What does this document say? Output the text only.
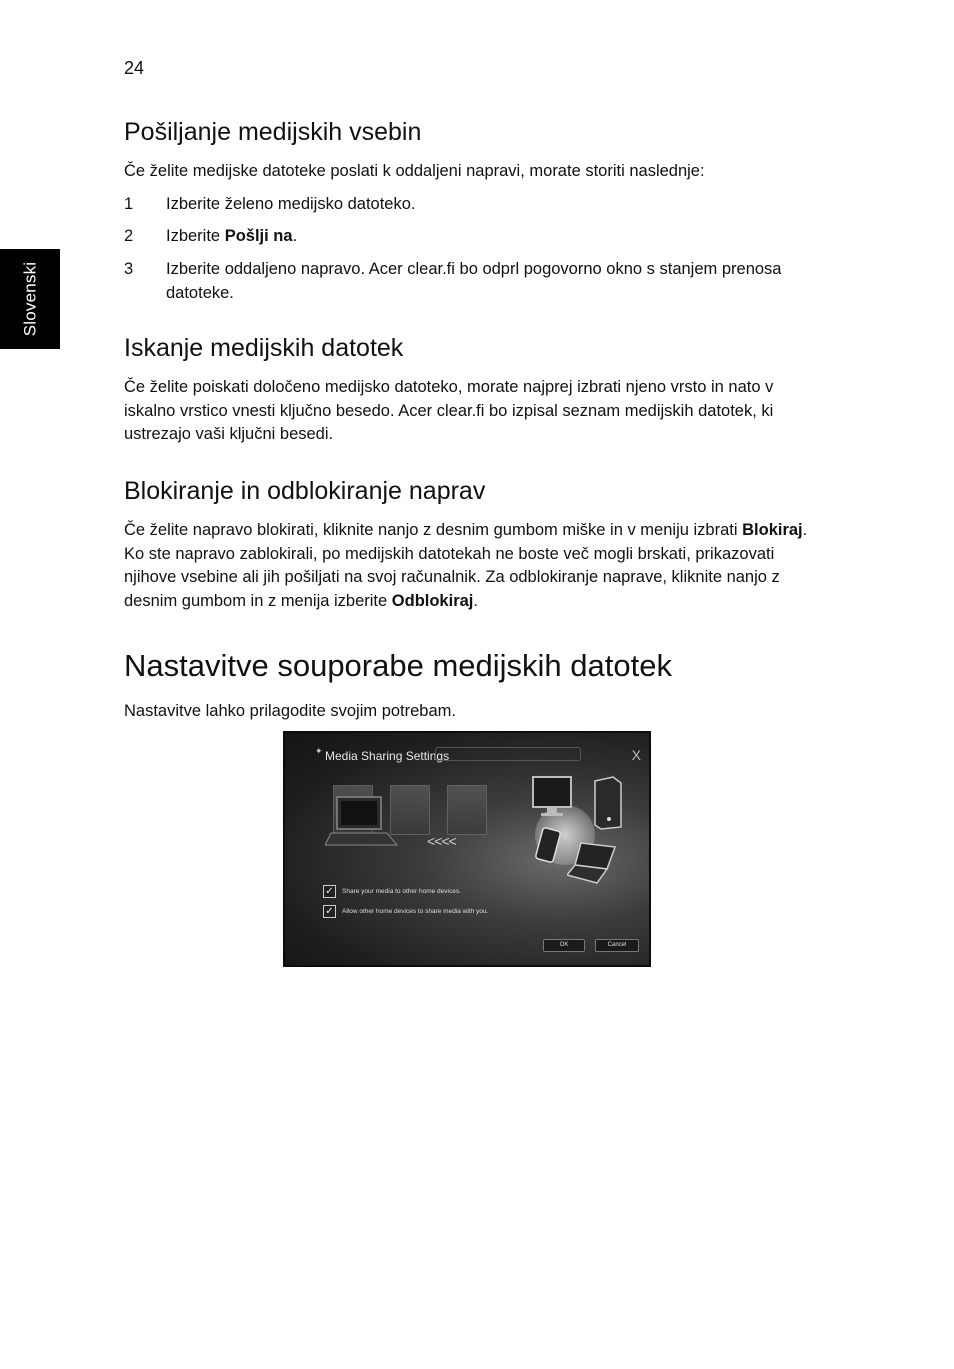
24
Slovenski
Pošiljanje medijskih vsebin

Če želite medijske datoteke poslati k oddaljeni napravi, morate storiti naslednje:

1 Izberite želeno medijsko datoteko.
2 Izberite Pošlji na.
3 Izberite oddaljeno napravo. Acer clear.fi bo odprl pogovorno okno s stanjem prenosa datoteke.
Iskanje medijskih datotek

Če želite poiskati določeno medijsko datoteko, morate najprej izbrati njeno vrsto in nato v iskalno vrstico vnesti ključno besedo. Acer clear.fi bo izpisal seznam medijskih datotek, ki ustrezajo vaši ključni besedi.

Blokiranje in odblokiranje naprav

Če želite napravo blokirati, kliknite nanjo z desnim gumbom miške in v meniju izbrati Blokiraj. Ko ste napravo zablokirali, po medijskih datotekah ne boste več mogli brskati, prikazovati njihove vsebine ali jih pošiljati na svoj računalnik. Za odblokiranje naprave, kliknite nanjo z desnim gumbom in z menija izberite Odblokiraj.

Nastavitve souporabe medijskih datotek

Nastavitve lahko prilagodite svojim potrebam.

✦ Media Sharing Settings	X
<<<<
✓	Share your media to other home devices.
✓	Allow other home devices to share media with you.
OK	Cancel
